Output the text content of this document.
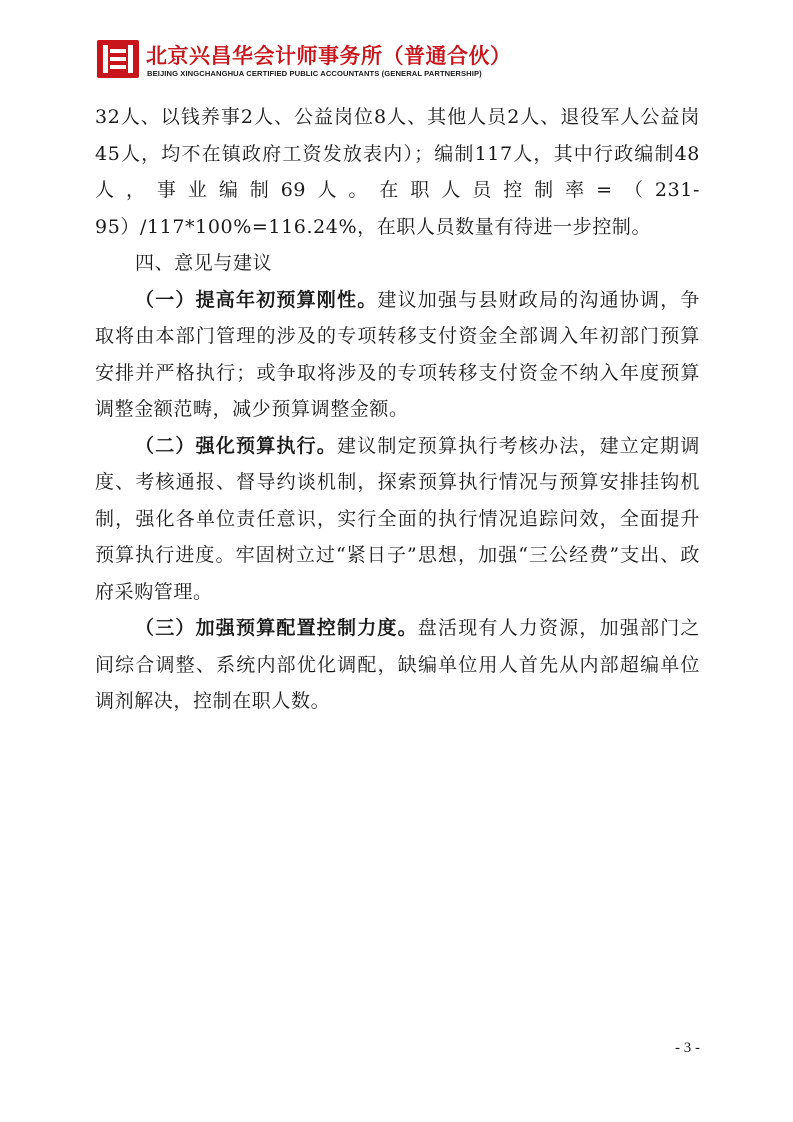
北京兴昌华会计师事务所（普通合伙）
BEIJING XINGCHANGHUA CERTIFIED PUBLIC ACCOUNTANTS (GENERAL PARTNERSHIP)

32人、以钱养事2人、公益岗位8人、其他人员2人、退役军人公益岗45人，均不在镇政府工资发放表内）；编制117人，其中行政编制48人，事业编制69人。在职人员控制率=（231-95）/117*100%=116.24%，在职人员数量有待进一步控制。

四、意见与建议

（一）提高年初预算刚性。建议加强与县财政局的沟通协调，争取将由本部门管理的涉及的专项转移支付资金全部调入年初部门预算安排并严格执行；或争取将涉及的专项转移支付资金不纳入年度预算调整金额范畴，减少预算调整金额。

（二）强化预算执行。建议制定预算执行考核办法，建立定期调度、考核通报、督导约谈机制，探索预算执行情况与预算安排挂钩机制，强化各单位责任意识，实行全面的执行情况追踪问效，全面提升预算执行进度。牢固树立过“紧日子”思想，加强“三公经费”支出、政府采购管理。

（三）加强预算配置控制力度。盘活现有人力资源，加强部门之间综合调整、系统内部优化调配，缺编单位用人首先从内部超编单位调剂解决，控制在职人数。

- 3 -
